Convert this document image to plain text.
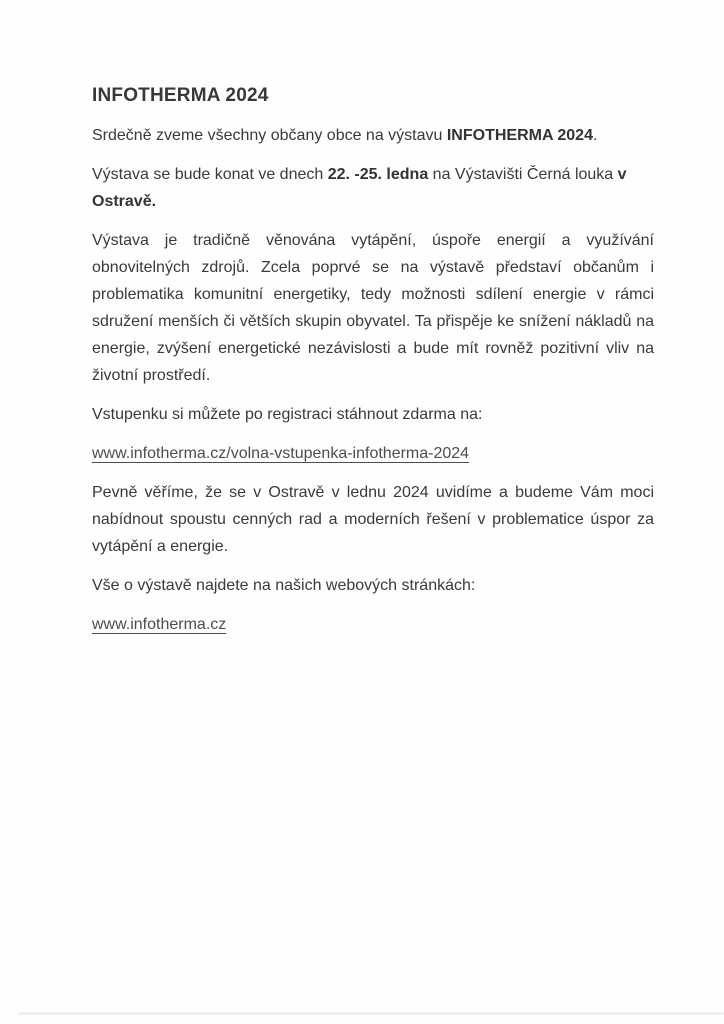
INFOTHERMA 2024

Srdečně zveme všechny občany obce na výstavu INFOTHERMA 2024.

Výstava se bude konat ve dnech 22. -25. ledna na Výstavišti Černá louka v Ostravě.

Výstava je tradičně věnována vytápění, úspoře energií a využívání obnovitelných zdrojů. Zcela poprvé se na výstavě představí občanům i problematika komunitní energetiky, tedy možnosti sdílení energie v rámci sdružení menších či větších skupin obyvatel. Ta přispěje ke snížení nákladů na energie, zvýšení energetické nezávislosti a bude mít rovněž pozitivní vliv na životní prostředí.

Vstupenku si můžete po registraci stáhnout zdarma na:

www.infotherma.cz/volna-vstupenka-infotherma-2024

Pevně věříme, že se v Ostravě v lednu 2024 uvidíme a budeme Vám moci nabídnout spoustu cenných rad a moderních řešení v problematice úspor za vytápění a energie.

Vše o výstavě najdete na našich webových stránkách:

www.infotherma.cz
